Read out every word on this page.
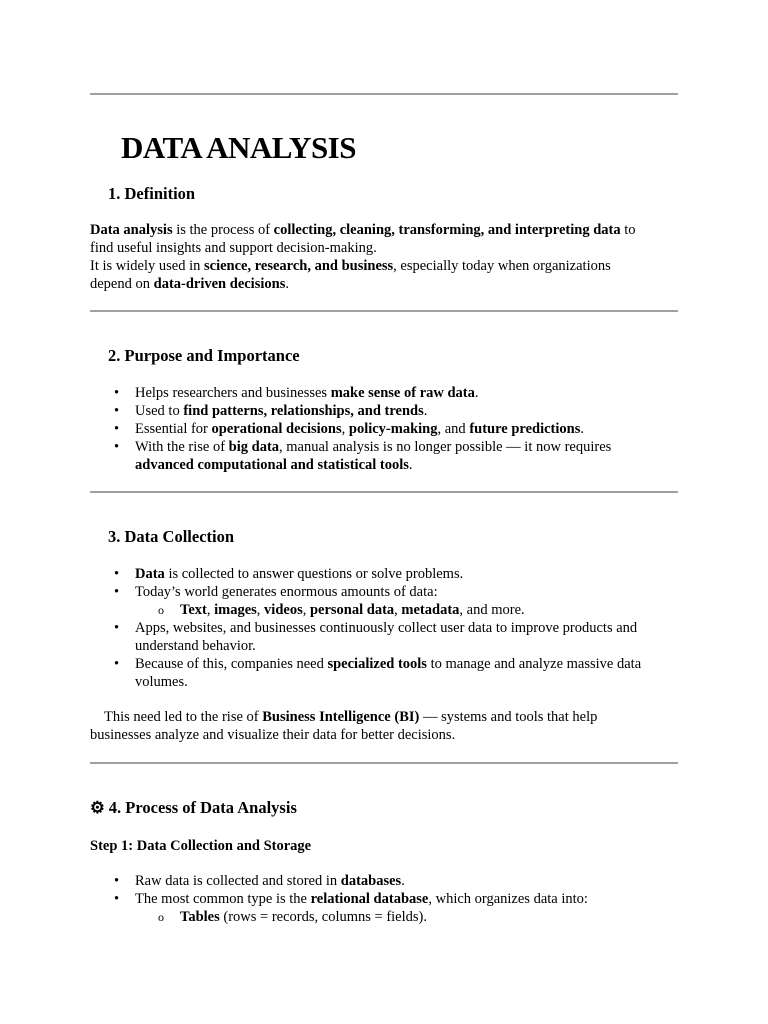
DATA ANALYSIS
1. Definition

Data analysis is the process of collecting, cleaning, transforming, and interpreting data to
find useful insights and support decision-making.
It is widely used in science, research, and business, especially today when organizations
depend on data-driven decisions.

2. Purpose and Importance
• Helps researchers and businesses make sense of raw data.
• Used to find patterns, relationships, and trends.
• Essential for operational decisions, policy-making, and future predictions.
• With the rise of big data, manual analysis is no longer possible — it now requires
advanced computational and statistical tools.
3. Data Collection
• Data is collected to answer questions or solve problems.
• Today’s world generates enormous amounts of data:
o Text, images, videos, personal data, metadata, and more.
• Apps, websites, and businesses continuously collect user data to improve products and
understand behavior.
• Because of this, companies need specialized tools to manage and analyze massive data
volumes.

This need led to the rise of Business Intelligence (BI) — systems and tools that help
businesses analyze and visualize their data for better decisions.

⚙ 4. Process of Data Analysis
Step 1: Data Collection and Storage
• Raw data is collected and stored in databases.
• The most common type is the relational database, which organizes data into:
o Tables (rows = records, columns = fields).
